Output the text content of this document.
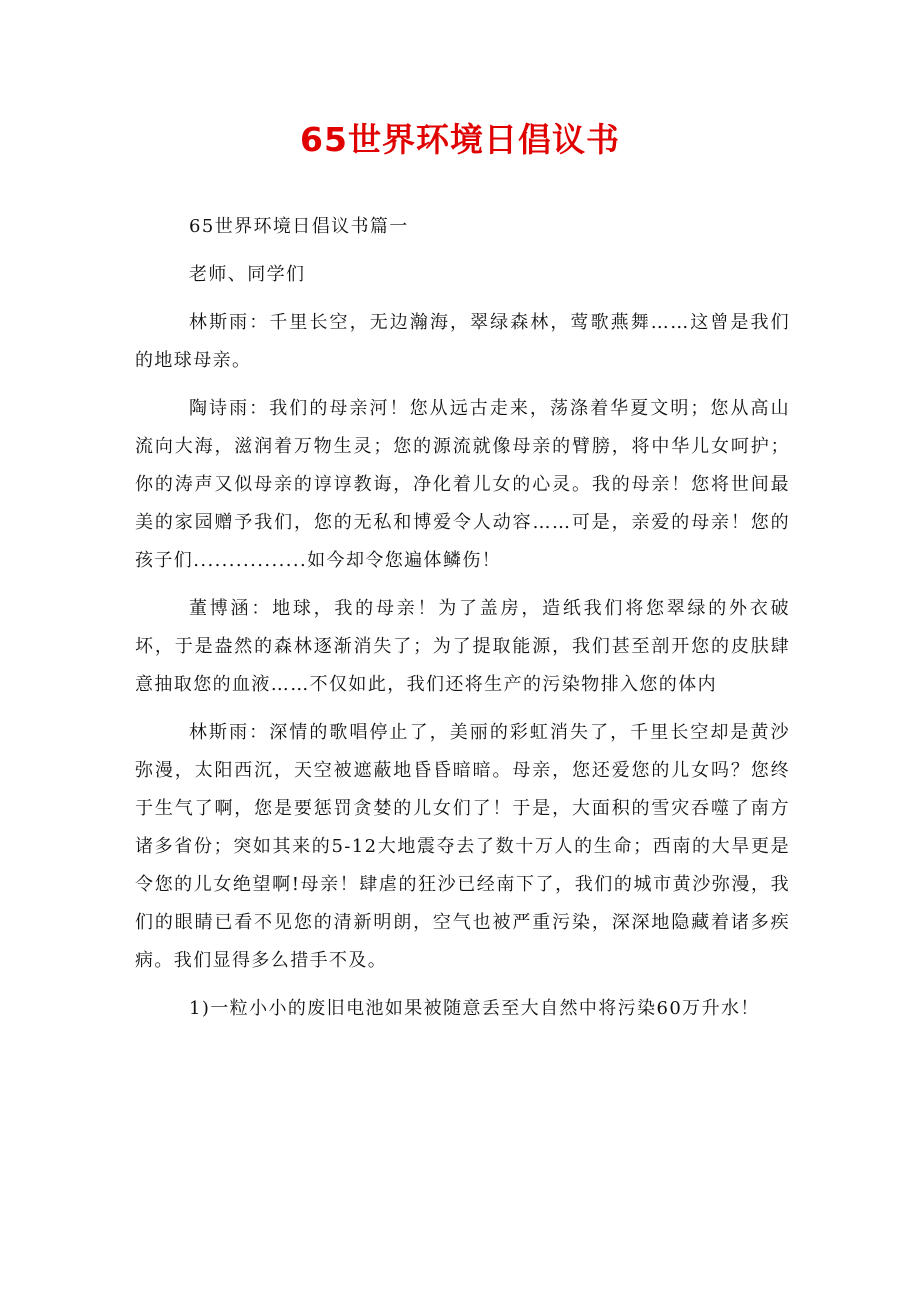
65世界环境日倡议书

65世界环境日倡议书篇一

老师、同学们

林斯雨：千里长空，无边瀚海，翠绿森林，莺歌燕舞……这曾是我们的地球母亲。

陶诗雨：我们的母亲河！您从远古走来，荡涤着华夏文明；您从高山流向大海，滋润着万物生灵；您的源流就像母亲的臂膀，将中华儿女呵护；你的涛声又似母亲的谆谆教诲，净化着儿女的心灵。我的母亲！您将世间最美的家园赠予我们，您的无私和博爱令人动容……可是，亲爱的母亲！您的孩子们................如今却令您遍体鳞伤！

董博涵：地球，我的母亲！为了盖房，造纸我们将您翠绿的外衣破坏，于是盎然的森林逐渐消失了；为了提取能源，我们甚至剖开您的皮肤肆意抽取您的血液……不仅如此，我们还将生产的污染物排入您的体内

林斯雨：深情的歌唱停止了，美丽的彩虹消失了，千里长空却是黄沙弥漫，太阳西沉，天空被遮蔽地昏昏暗暗。母亲，您还爱您的儿女吗？您终于生气了啊，您是要惩罚贪婪的儿女们了！于是，大面积的雪灾吞噬了南方诸多省份；突如其来的5-12大地震夺去了数十万人的生命；西南的大旱更是令您的儿女绝望啊!母亲！肆虐的狂沙已经南下了，我们的城市黄沙弥漫，我们的眼睛已看不见您的清新明朗，空气也被严重污染，深深地隐藏着诸多疾病。我们显得多么措手不及。

1)一粒小小的废旧电池如果被随意丢至大自然中将污染60万升水！
